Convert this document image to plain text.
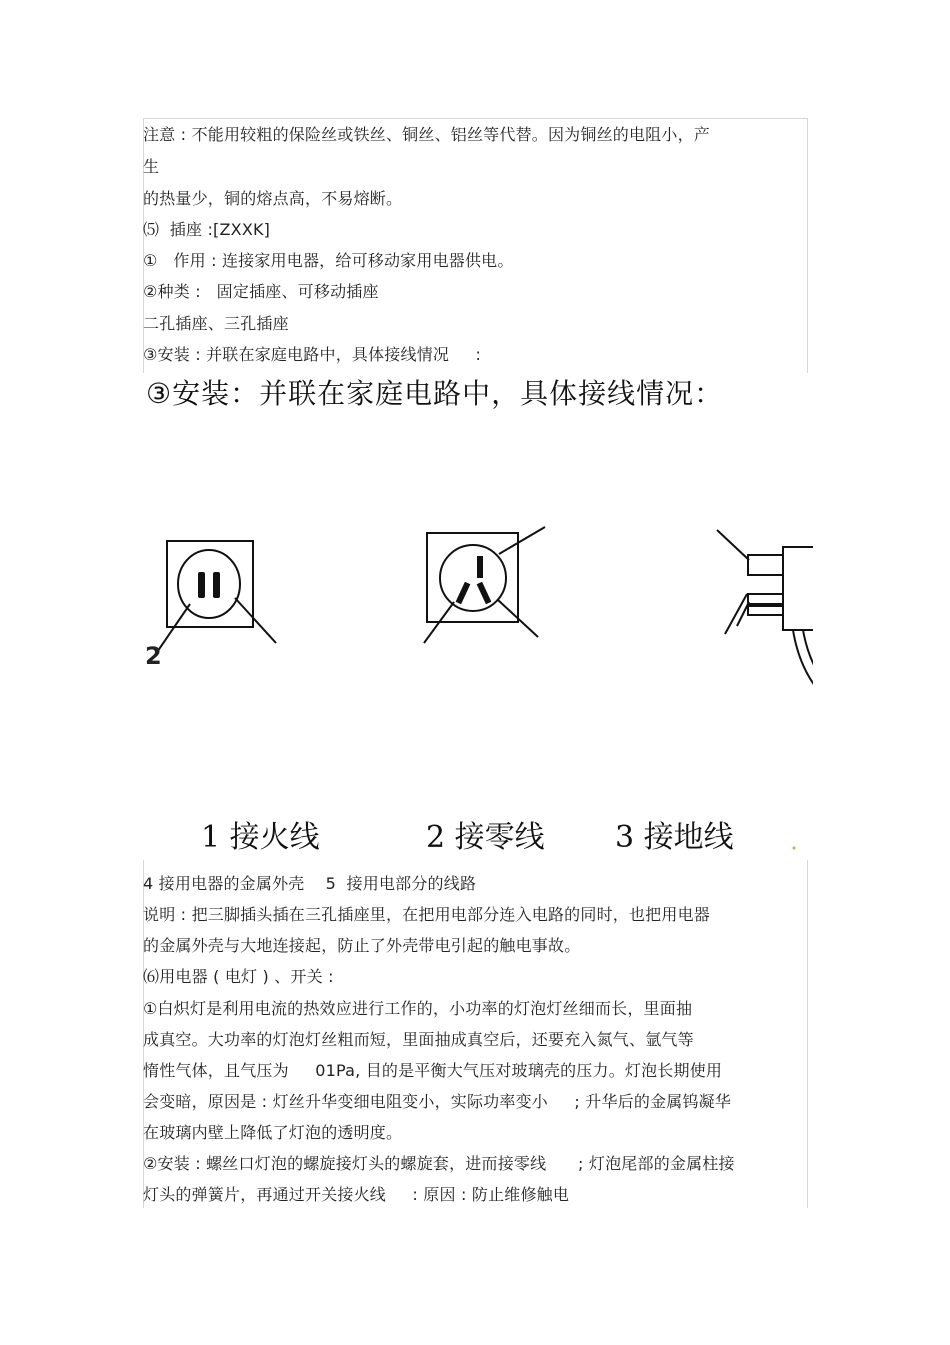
注意 : 不能用较粗的保险丝或铁丝、铜丝、铝丝等代替。因为铜丝的电阻小，产
生
的热量少，铜的熔点高，不易熔断。
⑸  插座 :[ZXXK]
①   作用 : 连接家用电器，给可移动家用电器供电。
②种类 :   固定插座、可移动插座
二孔插座、三孔插座
③安装 : 并联在家庭电路中，具体接线情况     :
③安装：并联在家庭电路中，具体接线情况：
2
1 接火线	2 接零线 3 接地线
4 接用电器的金属外壳    5  接用电部分的线路
说明 : 把三脚插头插在三孔插座里，在把用电部分连入电路的同时，也把用电器
的金属外壳与大地连接起，防止了外壳带电引起的触电事故。
⑹用电器 ( 电灯 ) 、开关 :
①白炽灯是利用电流的热效应进行工作的，小功率的灯泡灯丝细而长，里面抽
成真空。大功率的灯泡灯丝粗而短，里面抽成真空后，还要充入氮气、氩气等
惰性气体，且气压为     01Pa, 目的是平衡大气压对玻璃壳的压力。灯泡长期使用
会变暗，原因是 : 灯丝升华变细电阻变小，实际功率变小     ; 升华后的金属钨凝华
在玻璃内壁上降低了灯泡的透明度。
②安装 : 螺丝口灯泡的螺旋接灯头的螺旋套，进而接零线      ; 灯泡尾部的金属柱接
灯头的弹簧片，再通过开关接火线     : 原因 : 防止维修触电
